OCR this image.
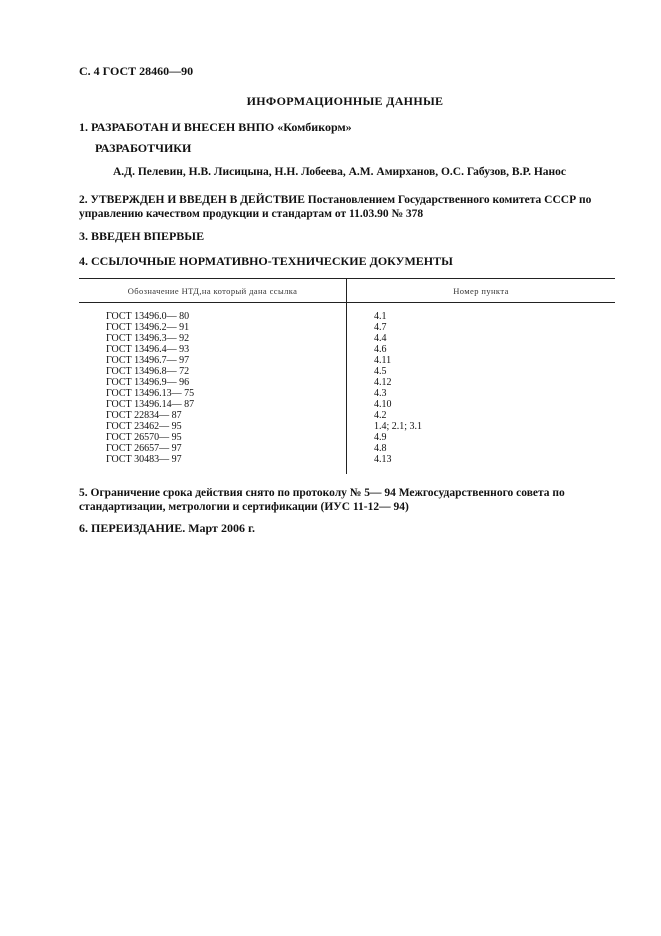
С. 4 ГОСТ 28460—90
ИНФОРМАЦИОННЫЕ ДАННЫЕ
1. РАЗРАБОТАН И ВНЕСЕН ВНПО «Комбикорм»
РАЗРАБОТЧИКИ
А.Д. Пелевин, Н.В. Лисицына, Н.Н. Лобеева, А.М. Амирханов, О.С. Габузов, В.Р. Нанос
2. УТВЕРЖДЕН И ВВЕДЕН В ДЕЙСТВИЕ Постановлением Государственного комитета СССР по управлению качеством продукции и стандартам от 11.03.90 № 378
3. ВВЕДЕН ВПЕРВЫЕ
4. ССЫЛОЧНЫЕ НОРМАТИВНО-ТЕХНИЧЕСКИЕ ДОКУМЕНТЫ
Обозначение НТД,на который дана ссылка	Номер пункта
ГОСТ 13496.0— 80	4.1
ГОСТ 13496.2— 91	4.7
ГОСТ 13496.3— 92	4.4
ГОСТ 13496.4— 93	4.6
ГОСТ 13496.7— 97	4.11
ГОСТ 13496.8— 72	4.5
ГОСТ 13496.9— 96	4.12
ГОСТ 13496.13— 75	4.3
ГОСТ 13496.14— 87	4.10
ГОСТ 22834— 87	4.2
ГОСТ 23462— 95	1.4; 2.1; 3.1
ГОСТ 26570— 95	4.9
ГОСТ 26657— 97	4.8
ГОСТ 30483— 97	4.13
5. Ограничение срока действия снято по протоколу № 5— 94 Межгосударственного совета по стандартизации, метрологии и сертификации (ИУС 11-12— 94)
6. ПЕРЕИЗДАНИЕ. Март 2006 г.
